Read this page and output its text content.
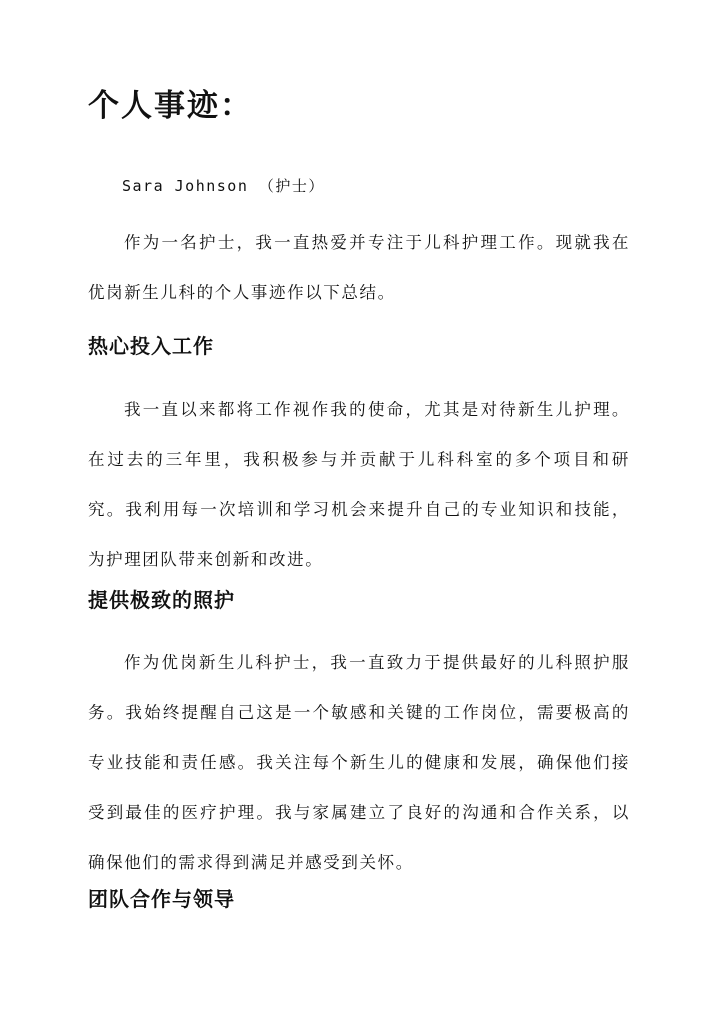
个人事迹：
Sara Johnson （护士）

作为一名护士，我一直热爱并专注于儿科护理工作。现就我在优岗新生儿科的个人事迹作以下总结。

热心投入工作

我一直以来都将工作视作我的使命，尤其是对待新生儿护理。在过去的三年里，我积极参与并贡献于儿科科室的多个项目和研究。我利用每一次培训和学习机会来提升自己的专业知识和技能，为护理团队带来创新和改进。

提供极致的照护

作为优岗新生儿科护士，我一直致力于提供最好的儿科照护服务。我始终提醒自己这是一个敏感和关键的工作岗位，需要极高的专业技能和责任感。我关注每个新生儿的健康和发展，确保他们接受到最佳的医疗护理。我与家属建立了良好的沟通和合作关系，以确保他们的需求得到满足并感受到关怀。

团队合作与领导
